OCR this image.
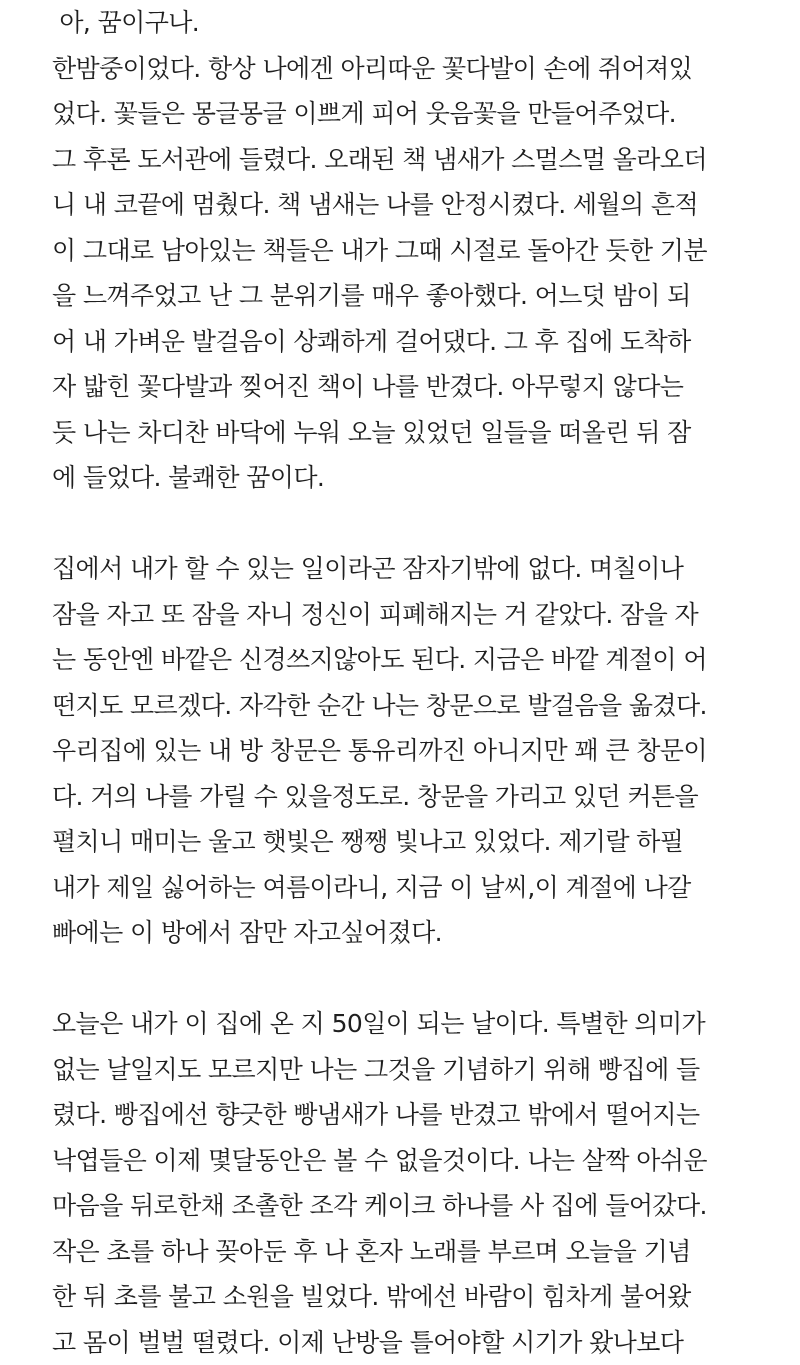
아, 꿈이구나.
한밤중이었다. 항상 나에겐 아리따운 꽃다발이 손에 쥐어져있
었다. 꽃들은 몽글몽글 이쁘게 피어 웃음꽃을 만들어주었다.
그 후론 도서관에 들렸다. 오래된 책 냄새가 스멀스멀 올라오더
니 내 코끝에 멈췄다. 책 냄새는 나를 안정시켰다. 세월의 흔적
이 그대로 남아있는 책들은 내가 그때 시절로 돌아간 듯한 기분
을 느껴주었고 난 그 분위기를 매우 좋아했다. 어느덧 밤이 되
어 내 가벼운 발걸음이 상쾌하게 걸어댔다. 그 후 집에 도착하
자 밟힌 꽃다발과 찢어진 책이 나를 반겼다. 아무렇지 않다는
듯 나는 차디찬 바닥에 누워 오늘 있었던 일들을 떠올린 뒤 잠
에 들었다. 불쾌한 꿈이다.
집에서 내가 할 수 있는 일이라곤 잠자기밖에 없다. 며칠이나
잠을 자고 또 잠을 자니 정신이 피폐해지는 거 같았다. 잠을 자
는 동안엔 바깥은 신경쓰지않아도 된다. 지금은 바깥 계절이 어
떤지도 모르겠다. 자각한 순간 나는 창문으로 발걸음을 옮겼다.
우리집에 있는 내 방 창문은 통유리까진 아니지만 꽤 큰 창문이
다. 거의 나를 가릴 수 있을정도로. 창문을 가리고 있던 커튼을
펼치니 매미는 울고 햇빛은 쨍쨍 빛나고 있었다. 제기랄 하필
내가 제일 싫어하는 여름이라니, 지금 이 날씨,이 계절에 나갈
빠에는 이 방에서 잠만 자고싶어졌다.
오늘은 내가 이 집에 온 지 50일이 되는 날이다. 특별한 의미가
없는 날일지도 모르지만 나는 그것을 기념하기 위해 빵집에 들
렸다. 빵집에선 향긋한 빵냄새가 나를 반겼고 밖에서 떨어지는
낙엽들은 이제 몇달동안은 볼 수 없을것이다. 나는 살짝 아쉬운
마음을 뒤로한채 조촐한 조각 케이크 하나를 사 집에 들어갔다.
작은 초를 하나 꽂아둔 후 나 혼자 노래를 부르며 오늘을 기념
한 뒤 초를 불고 소원을 빌었다. 밖에선 바람이 힘차게 불어왔
고 몸이 벌벌 떨렸다. 이제 난방을 틀어야할 시기가 왔나보다
